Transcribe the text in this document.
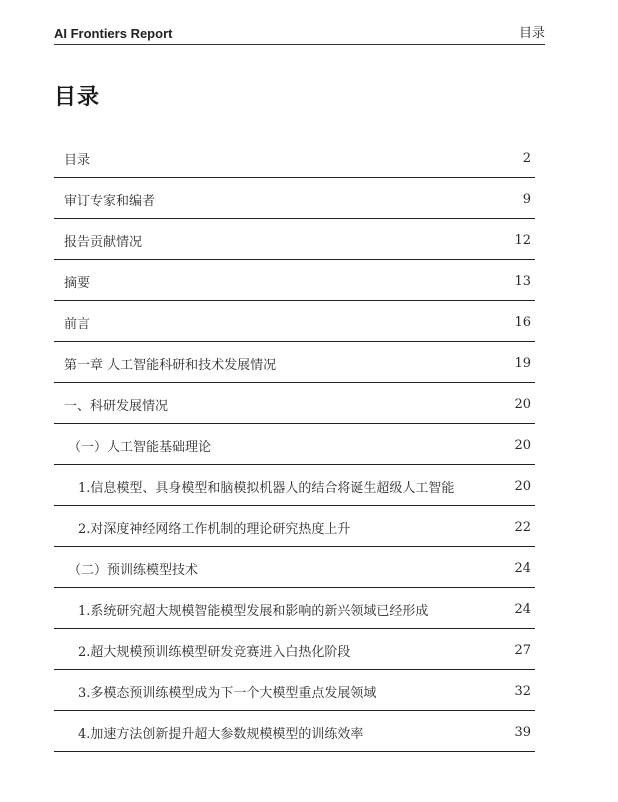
AI Frontiers Report	目录
目录
目录	2
审订专家和编者	9
报告贡献情况	12
摘要	13
前言	16
第一章 人工智能科研和技术发展情况	19
一、科研发展情况	20
（一）人工智能基础理论	20
1.信息模型、具身模型和脑模拟机器人的结合将诞生超级人工智能	20
2.对深度神经网络工作机制的理论研究热度上升	22
（二）预训练模型技术	24
1.系统研究超大规模智能模型发展和影响的新兴领域已经形成	24
2.超大规模预训练模型研发竞赛进入白热化阶段	27
3.多模态预训练模型成为下一个大模型重点发展领域	32
4.加速方法创新提升超大参数规模模型的训练效率	39
